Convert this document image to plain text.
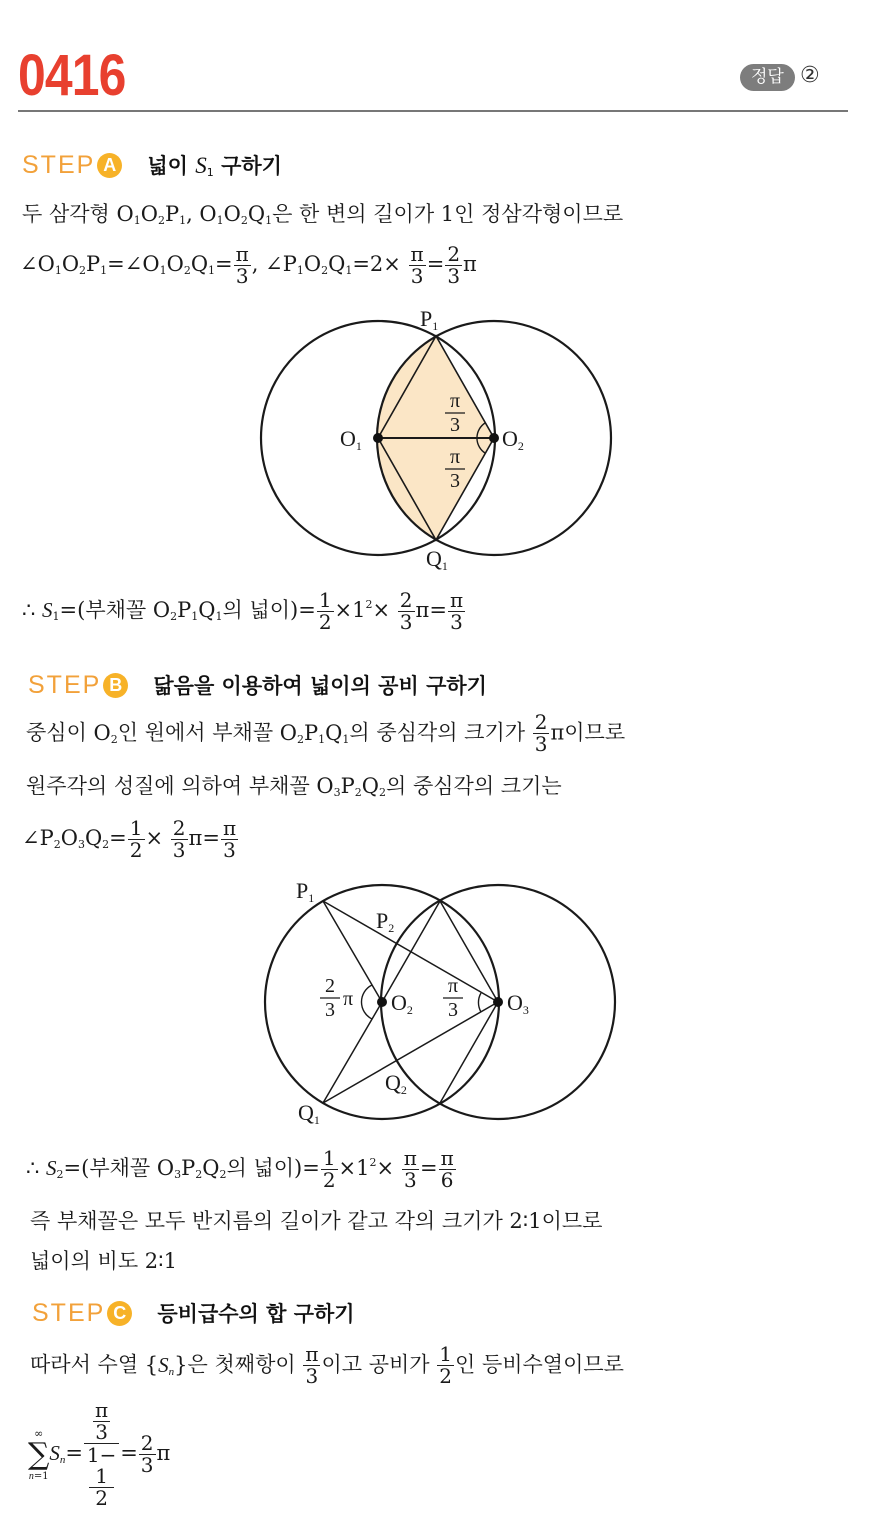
0416	정답 ②
STEP A 넓이 $S_1$ 구하기
두 삼각형 $O_1O_2P_1$, $O_1O_2Q_1$은 한 변의 길이가 1인 정삼각형이므로
$\angle O_1O_2P_1=\angle O_1O_2Q_1= \frac{\pi}{3}$ , $\angle P_1O_2Q_1=2\times \frac{\pi}{3} = \frac{2}{3}$ π
P1
Q1
O1	O2
π
3
π
3
∴ $S_1=$(부채꼴 $O_2P_1Q_1$의 넓이)= $\frac{1}{2} \times 1^2\times \frac{2}{3} \pi= \frac{\pi}{3}$
STEP B 닮음을 이용하여 넓이의 공비 구하기
중심이 $O_2$인 원에서 부채꼴 $O_2P_1Q_1$의 중심각의 크기가 $\frac{2}{3}$ π이므로
원주각의 성질에 의하여 부채꼴 $O_3P_2Q_2$의 중심각의 크기는
$\angle P_2O_3Q_2= \frac{1}{2} \times \frac{2}{3} \pi= \frac{\pi}{3}$
P1
P2
Q1
Q2
O2	O3
2
3 π
π
3
∴ $S_2=$(부채꼴 $O_3P_2Q_2$의 넓이)= $\frac{1}{2} \times 1^2\times \frac{\pi}{3} = \frac{\pi}{6}$
즉 부채꼴은 모두 반지름의 길이가 같고 각의 크기가 2∶1이므로
넓이의 비도 2∶1
STEP C 등비급수의 합 구하기
따라서 수열 $\{S_n\}$은 첫째항이 $\frac{\pi}{3}$ 이고 공비가 $\frac{1}{2}$ 인 등비수열이므로
∞
∑
n=1
$S_n= \pi$
3
1−
1
$2 = \frac{2}{3}$ π
